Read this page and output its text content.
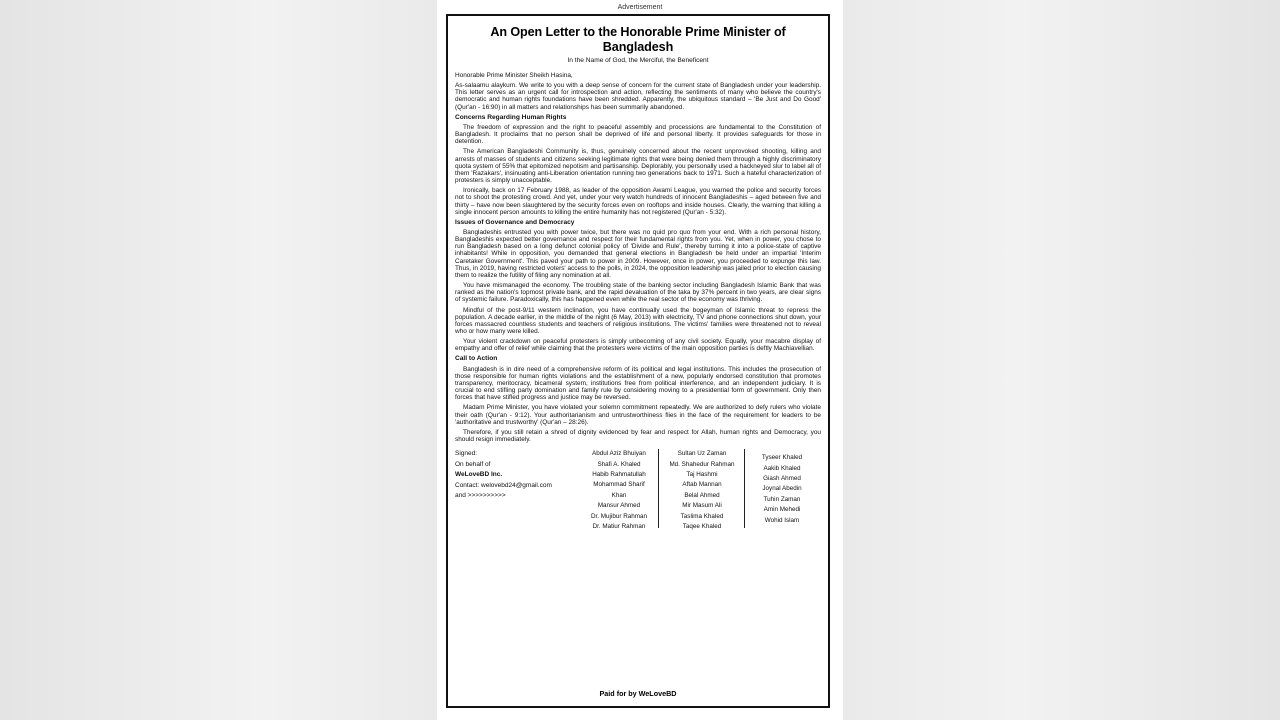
Advertisement
An Open Letter to the Honorable Prime Minister of Bangladesh
In the Name of God, the Merciful, the Beneficent

Honorable Prime Minister Sheikh Hasina,

As-salaamu alaykum. We write to you with a deep sense of concern for the current state of Bangladesh under your leadership. This letter serves as an urgent call for introspection and action, reflecting the sentiments of many who believe the country's democratic and human rights foundations have been shredded. Apparently, the ubiquitous standard – 'Be Just and Do Good' (Qur'an - 16:90) in all matters and relationships has been summarily abandoned.

Concerns Regarding Human Rights

The freedom of expression and the right to peaceful assembly and processions are fundamental to the Constitution of Bangladesh. It proclaims that no person shall be deprived of life and personal liberty. It provides safeguards for those in detention.

The American Bangladeshi Community is, thus, genuinely concerned about the recent unprovoked shooting, killing and arrests of masses of students and citizens seeking legitimate rights that were being denied them through a highly discriminatory quota system of 55% that epitomized nepotism and partisanship. Deplorably, you personally used a hackneyed slur to label all of them 'Razakars', insinuating anti-Liberation orientation running two generations back to 1971. Such a hateful characterization of protesters is simply unacceptable.

Ironically, back on 17 February 1988, as leader of the opposition Awami League, you warned the police and security forces not to shoot the protesting crowd. And yet, under your very watch hundreds of innocent Bangladeshis – aged between five and thirty – have now been slaughtered by the security forces even on rooftops and inside houses. Clearly, the warning that killing a single innocent person amounts to killing the entire humanity has not registered (Qur'an - 5:32).

Issues of Governance and Democracy

Bangladeshis entrusted you with power twice, but there was no quid pro quo from your end. With a rich personal history, Bangladeshis expected better governance and respect for their fundamental rights from you. Yet, when in power, you chose to run Bangladesh based on a long defunct colonial policy of 'Divide and Rule', thereby turning it into a police-state of captive inhabitants! While in opposition, you demanded that general elections in Bangladesh be held under an impartial 'Interim Caretaker Government'. This paved your path to power in 2009. However, once in power, you proceeded to expunge this law. Thus, in 2019, having restricted voters' access to the polls, in 2024, the opposition leadership was jailed prior to election causing them to realize the futility of filing any nomination at all.

You have mismanaged the economy. The troubling state of the banking sector including Bangladesh Islamic Bank that was ranked as the nation's topmost private bank, and the rapid devaluation of the taka by 37% percent in two years, are clear signs of systemic failure. Paradoxically, this has happened even while the real sector of the economy was thriving.

Mindful of the post-9/11 western inclination, you have continually used the bogeyman of Islamic threat to repress the population. A decade earlier, in the middle of the night (6 May, 2013) with electricity, TV and phone connections shut down, your forces massacred countless students and teachers of religious institutions. The victims' families were threatened not to reveal who or how many were killed.

Your violent crackdown on peaceful protesters is simply unbecoming of any civil society. Equally, your macabre display of empathy and offer of relief while claiming that the protesters were victims of the main opposition parties is deftly Machiavellian.

Call to Action

Bangladesh is in dire need of a comprehensive reform of its political and legal institutions. This includes the prosecution of those responsible for human rights violations and the establishment of a new, popularly endorsed constitution that promotes transparency, meritocracy, bicameral system, institutions free from political interference, and an independent judiciary. It is crucial to end stifling party domination and family rule by considering moving to a presidential form of government. Only then forces that have stifled progress and justice may be reversed.

Madam Prime Minister, you have violated your solemn commitment repeatedly. We are authorized to defy rulers who violate their oath (Qur'an - 9:12). Your authoritarianism and untrustworthiness flies in the face of the requirement for leaders to be 'authoritative and trustworthy' (Qur'an – 28:26).

Therefore, if you still retain a shred of dignity evidenced by fear and respect for Allah, human rights and Democracy, you should resign immediately.

Signed:
On behalf of
WeLoveBD Inc.
Contact: welovebd24@gmail.com
and >>>>>>>>>>
Abdul Aziz Bhuiyan
Shafi A. Khaled
Habib Rahmatullah
Mohammad Sharif
Khan
Mansur Ahmed
Dr. Mujibur Rahman
Dr. Matiur Rahman
Sultan Uz Zaman
Md. Shahedur Rahman
Taj Hashmi
Aftab Mannan
Belal Ahmed
Mir Masum Ali
Taslima Khaled
Taqee Khaled
Tyseer Khaled
Aakib Khaled
Giash Ahmed
Joynal Abedin
Tuhin Zaman
Amin Mehedi
Wohid Islam
Paid for by WeLoveBD
